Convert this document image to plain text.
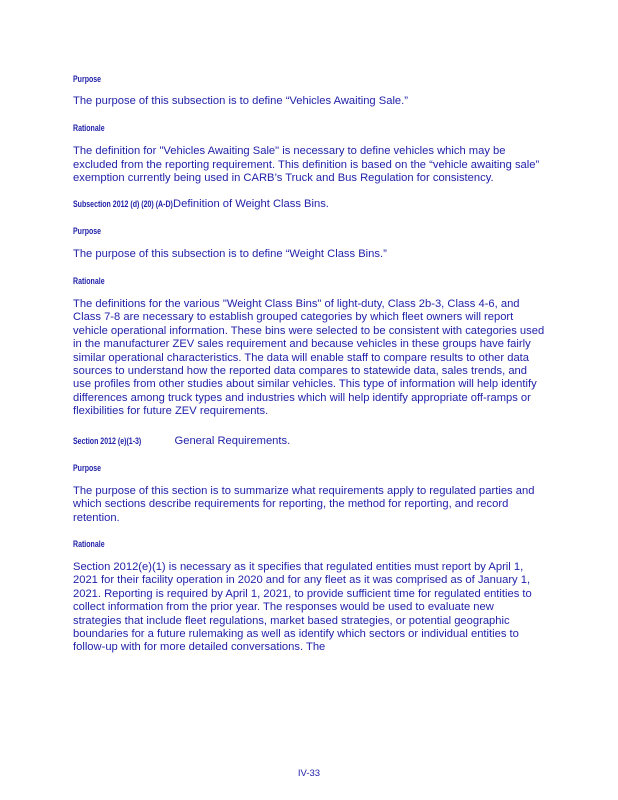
Purpose

The purpose of this subsection is to define “Vehicles Awaiting Sale.”

Rationale

The definition for "Vehicles Awaiting Sale" is necessary to define vehicles which may be excluded from the reporting requirement. This definition is based on the “vehicle awaiting sale” exemption currently being used in CARB’s Truck and Bus Regulation for consistency.

Subsection 2012 (d) (20) (A-D) Definition of Weight Class Bins.
Purpose

The purpose of this subsection is to define “Weight Class Bins.”

Rationale

The definitions for the various "Weight Class Bins" of light-duty, Class 2b-3, Class 4-6, and Class 7-8 are necessary to establish grouped categories by which fleet owners will report vehicle operational information. These bins were selected to be consistent with categories used in the manufacturer ZEV sales requirement and because vehicles in these groups have fairly similar operational characteristics. The data will enable staff to compare results to other data sources to understand how the reported data compares to statewide data, sales trends, and use profiles from other studies about similar vehicles. This type of information will help identify differences among truck types and industries which will help identify appropriate off-ramps or flexibilities for future ZEV requirements.

Section 2012 (e)(1-3)	General Requirements.
Purpose

The purpose of this section is to summarize what requirements apply to regulated parties and which sections describe requirements for reporting, the method for reporting, and record retention.

Rationale

Section 2012(e)(1) is necessary as it specifies that regulated entities must report by April 1, 2021 for their facility operation in 2020 and for any fleet as it was comprised as of January 1, 2021. Reporting is required by April 1, 2021, to provide sufficient time for regulated entities to collect information from the prior year. The responses would be used to evaluate new strategies that include fleet regulations, market based strategies, or potential geographic boundaries for a future rulemaking as well as identify which sectors or individual entities to follow-up with for more detailed conversations. The

IV-33
